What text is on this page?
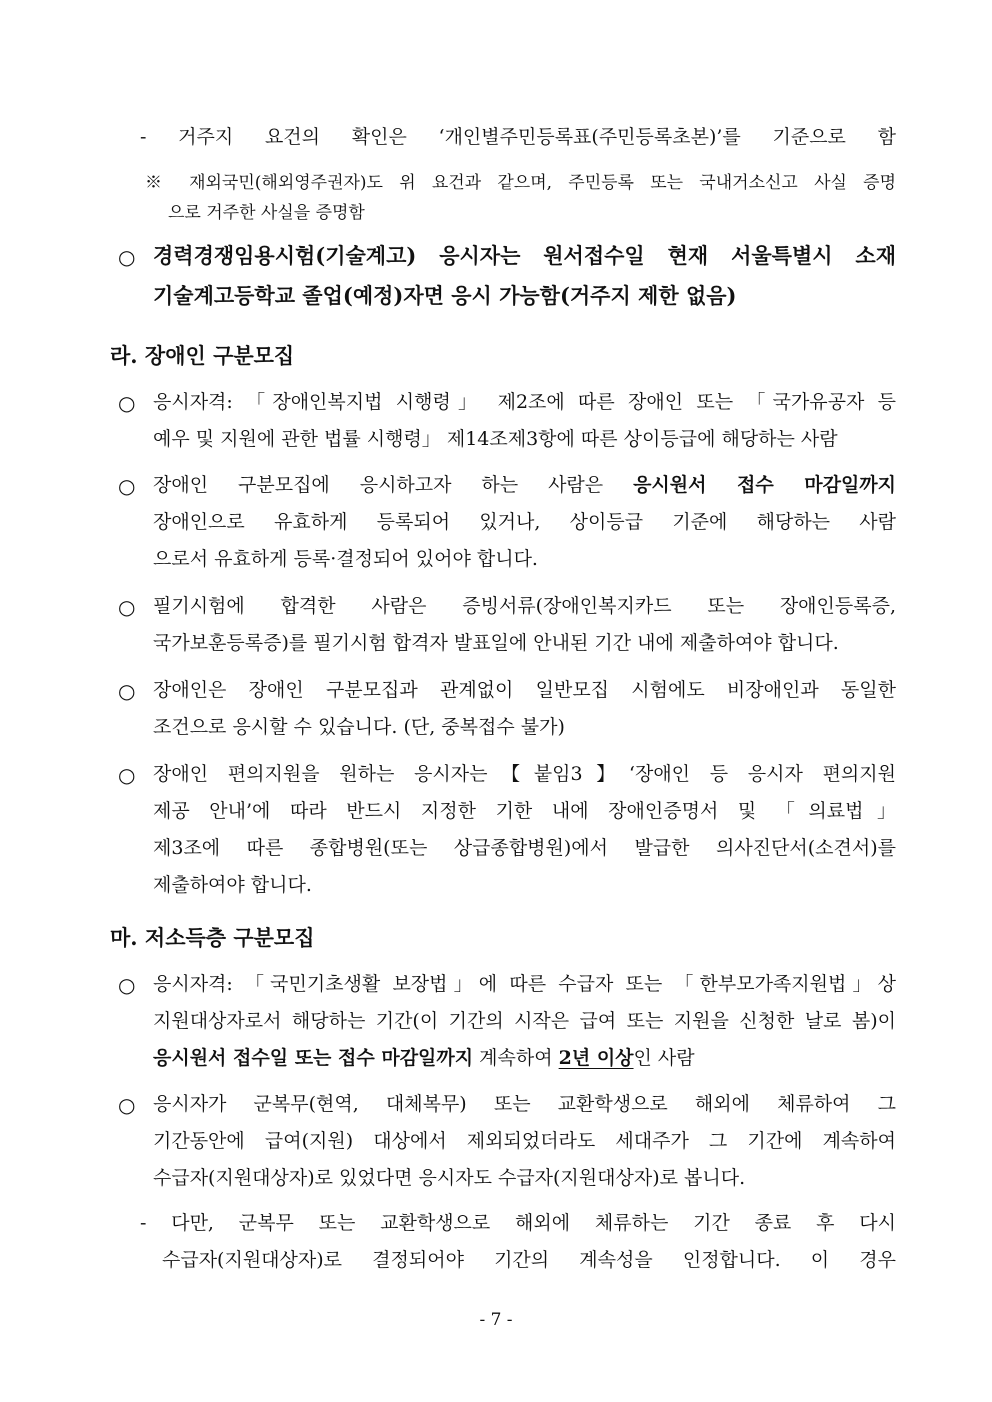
- 거주지 요건의 확인은 ‘개인별주민등록표(주민등록초본)’를 기준으로 함
※ 재외국민(해외영주권자)도 위 요건과 같으며, 주민등록 또는 국내거소신고 사실 증명
으로 거주한 사실을 증명함
○ 경력경쟁임용시험(기술계고) 응시자는 원서접수일 현재 서울특별시 소재
기술계고등학교 졸업(예정)자면 응시 가능함(거주지 제한 없음)
라. 장애인 구분모집
○ 응시자격: 「장애인복지법 시행령」 제2조에 따른 장애인 또는 「국가유공자 등
예우 및 지원에 관한 법률 시행령」 제14조제3항에 따른 상이등급에 해당하는 사람
○ 장애인 구분모집에 응시하고자 하는 사람은 응시원서 접수 마감일까지
장애인으로 유효하게 등록되어 있거나, 상이등급 기준에 해당하는 사람
으로서 유효하게 등록·결정되어 있어야 합니다.
○ 필기시험에 합격한 사람은 증빙서류(장애인복지카드 또는 장애인등록증,
국가보훈등록증)를 필기시험 합격자 발표일에 안내된 기간 내에 제출하여야 합니다.
○ 장애인은 장애인 구분모집과 관계없이 일반모집 시험에도 비장애인과 동일한
조건으로 응시할 수 있습니다. (단, 중복접수 불가)
○ 장애인 편의지원을 원하는 응시자는【붙임3】‘장애인 등 응시자 편의지원
제공 안내’에 따라 반드시 지정한 기한 내에 장애인증명서 및 「의료법」
제3조에 따른 종합병원(또는 상급종합병원)에서 발급한 의사진단서(소견서)를
제출하여야 합니다.
마. 저소득층 구분모집
○ 응시자격: 「국민기초생활 보장법」에 따른 수급자 또는 「한부모가족지원법」상
지원대상자로서 해당하는 기간(이 기간의 시작은 급여 또는 지원을 신청한 날로 봄)이
응시원서 접수일 또는 접수 마감일까지 계속하여 2년 이상인 사람
○ 응시자가 군복무(현역, 대체복무) 또는 교환학생으로 해외에 체류하여 그
기간동안에 급여(지원) 대상에서 제외되었더라도 세대주가 그 기간에 계속하여
수급자(지원대상자)로 있었다면 응시자도 수급자(지원대상자)로 봅니다.
- 다만, 군복무 또는 교환학생으로 해외에 체류하는 기간 종료 후 다시
수급자(지원대상자)로 결정되어야 기간의 계속성을 인정합니다. 이 경우
- 7 -
